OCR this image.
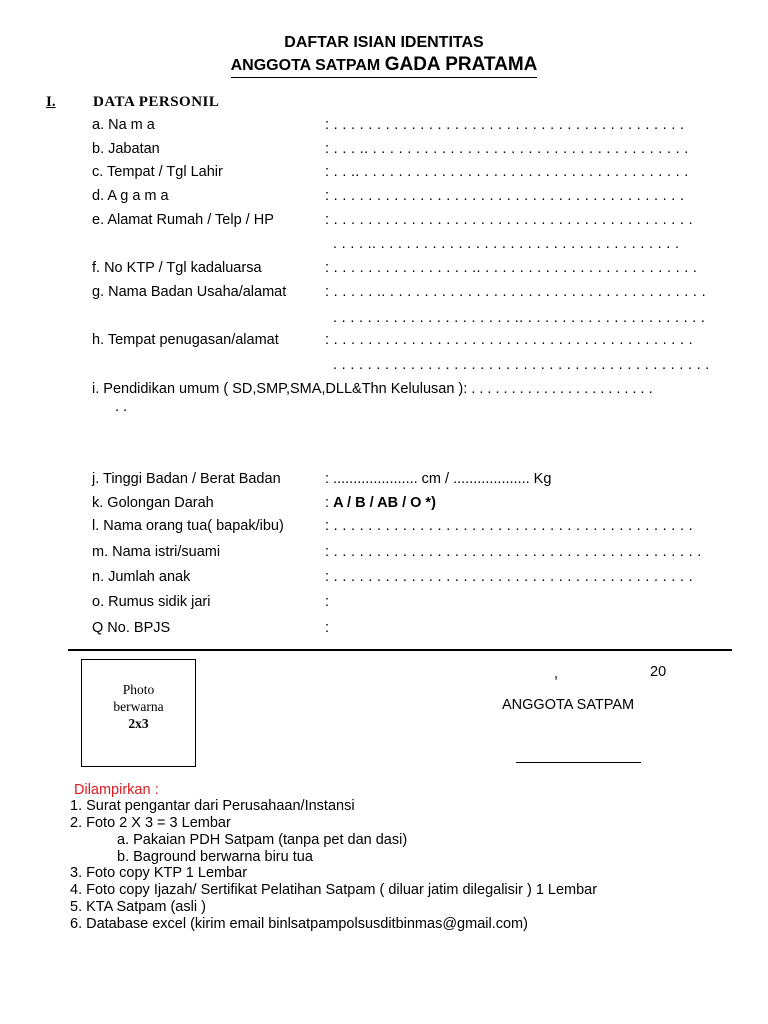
DAFTAR ISIAN IDENTITAS
ANGGOTA SATPAM GADA PRATAMA
I. DATA PERSONIL
a. Na m a	: . . . . . . . . . . . . . . . . . . . . . . . . . . . . . . . . . . . . . . . . .
b. Jabatan	: . . . .. . . . . . . . . . . . . . . . . . . . . . . . . . . . . . . . . . . . . .
c. Tempat / Tgl Lahir	: . . .. . . . . . . . . . . . . . . . . . . . . . . . . . . . . . . . . . . . . . .
d. A g a m a	: . . . . . . . . . . . . . . . . . . . . . . . . . . . . . . . . . . . . . . . . .
e. Alamat Rumah / Telp / HP	: . . . . . . . . . . . . . . . . . . . . . . . . . . . . . . . . . . . . . . . . . .
. . . . .. . . . . . . . . . . . . . . . . . . . . . . . . . . . . . . . . . . .
f. No KTP / Tgl kadaluarsa	: . . . . . . . . . . . . . . . . .. . . . . . . . . . . . . . . . . . . . . . . . . .
g. Nama Badan Usaha/alamat	: . . . . . .. . . . . . . . . . . . . . . . . . . . . . . . . . . . . . . . . . . . . .
. . . . . . . . . . . . . . . . . . . . . .. . . . . . . . . . . . . . . . . . . . . .
h. Tempat penugasan/alamat	: . . . . . . . . . . . . . . . . . . . . . . . . . . . . . . . . . . . . . . . . . .
. . . . . . . . . . . . . . . . . . . . . . . . . . . . . . . . . . . . . . . . . . . .
i. Pendidikan umum ( SD,SMP,SMA,DLL&Thn Kelulusan ): . . . . . . . . . . . . . . . . . . . . . . .
. .
j. Tinggi Badan / Berat Badan	: ..................... cm / ................... Kg
k. Golongan Darah	: A / B / AB / O *)
l. Nama orang tua( bapak/ibu)	: . . . . . . . . . . . . . . . . . . . . . . . . . . . . . . . . . . . . . . . . . .
m. Nama istri/suami	: . . . . . . . . . . . . . . . . . . . . . . . . . . . . . . . . . . . . . . . . . . .
n. Jumlah anak	: . . . . . . . . . . . . . . . . . . . . . . . . . . . . . . . . . . . . . . . . . .
o. Rumus sidik jari	:
Q No. BPJS	:
Photo
berwarna
2x3
,	20
ANGGOTA SATPAM
Dilampirkan :
1. Surat pengantar dari Perusahaan/Instansi
2. Foto 2 X 3 = 3 Lembar
a. Pakaian PDH Satpam (tanpa pet dan dasi)
b. Baground berwarna biru tua
3. Foto copy KTP 1 Lembar
4. Foto copy Ijazah/ Sertifikat Pelatihan Satpam ( diluar jatim dilegalisir ) 1 Lembar
5. KTA Satpam (asli )
6. Database excel (kirim email binlsatpampolsusditbinmas@gmail.com)
